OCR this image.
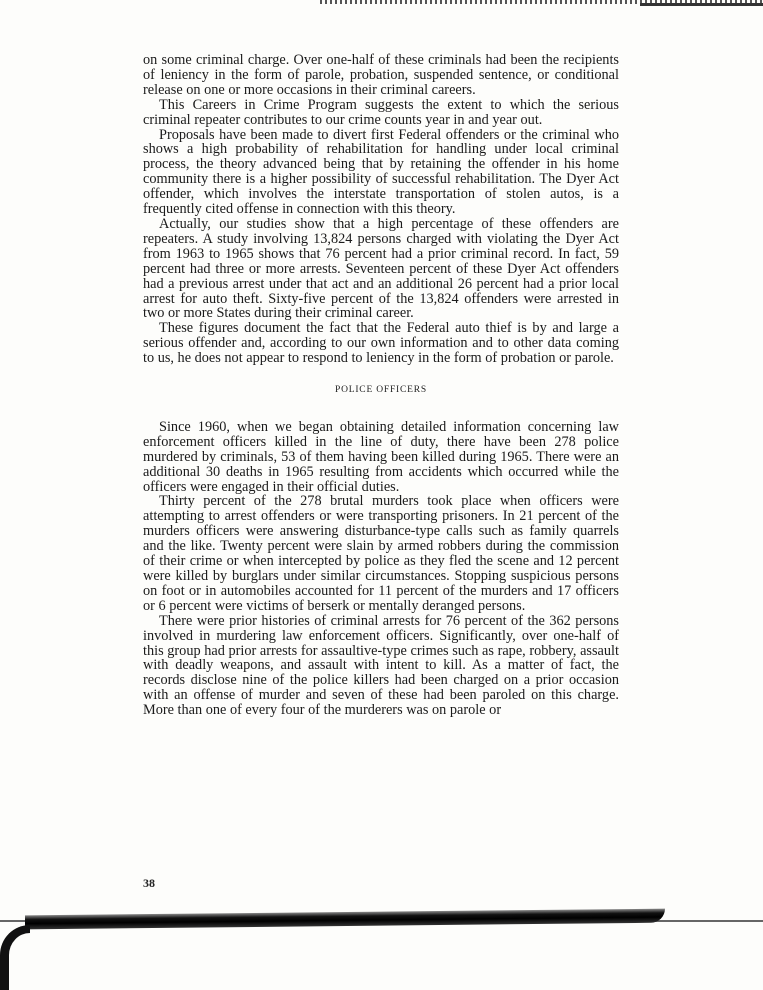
on some criminal charge. Over one-half of these criminals had been the recipients of leniency in the form of parole, probation, suspended sentence, or conditional release on one or more occasions in their criminal careers.

This Careers in Crime Program suggests the extent to which the serious criminal repeater contributes to our crime counts year in and year out.

Proposals have been made to divert first Federal offenders or the criminal who shows a high probability of rehabilitation for handling under local criminal process, the theory advanced being that by retaining the offender in his home community there is a higher possibility of successful rehabilitation. The Dyer Act offender, which involves the interstate transportation of stolen autos, is a frequently cited offense in connection with this theory.

Actually, our studies show that a high percentage of these offenders are repeaters. A study involving 13,824 persons charged with violating the Dyer Act from 1963 to 1965 shows that 76 percent had a prior criminal record. In fact, 59 percent had three or more arrests. Seventeen percent of these Dyer Act offenders had a previous arrest under that act and an additional 26 percent had a prior local arrest for auto theft. Sixty-five percent of the 13,824 offenders were arrested in two or more States during their criminal career.

These figures document the fact that the Federal auto thief is by and large a serious offender and, according to our own information and to other data coming to us, he does not appear to respond to leniency in the form of probation or parole.

POLICE OFFICERS

Since 1960, when we began obtaining detailed information concerning law enforcement officers killed in the line of duty, there have been 278 police murdered by criminals, 53 of them having been killed during 1965. There were an additional 30 deaths in 1965 resulting from accidents which occurred while the officers were engaged in their official duties.

Thirty percent of the 278 brutal murders took place when officers were attempting to arrest offenders or were transporting prisoners. In 21 percent of the murders officers were answering disturbance-type calls such as family quarrels and the like. Twenty percent were slain by armed robbers during the commission of their crime or when intercepted by police as they fled the scene and 12 percent were killed by burglars under similar circumstances. Stopping suspicious persons on foot or in automobiles accounted for 11 percent of the murders and 17 officers or 6 percent were victims of berserk or mentally deranged persons.

There were prior histories of criminal arrests for 76 percent of the 362 persons involved in murdering law enforcement officers. Significantly, over one-half of this group had prior arrests for assaultive-type crimes such as rape, robbery, assault with deadly weapons, and assault with intent to kill. As a matter of fact, the records disclose nine of the police killers had been charged on a prior occasion with an offense of murder and seven of these had been paroled on this charge. More than one of every four of the murderers was on parole or

38
